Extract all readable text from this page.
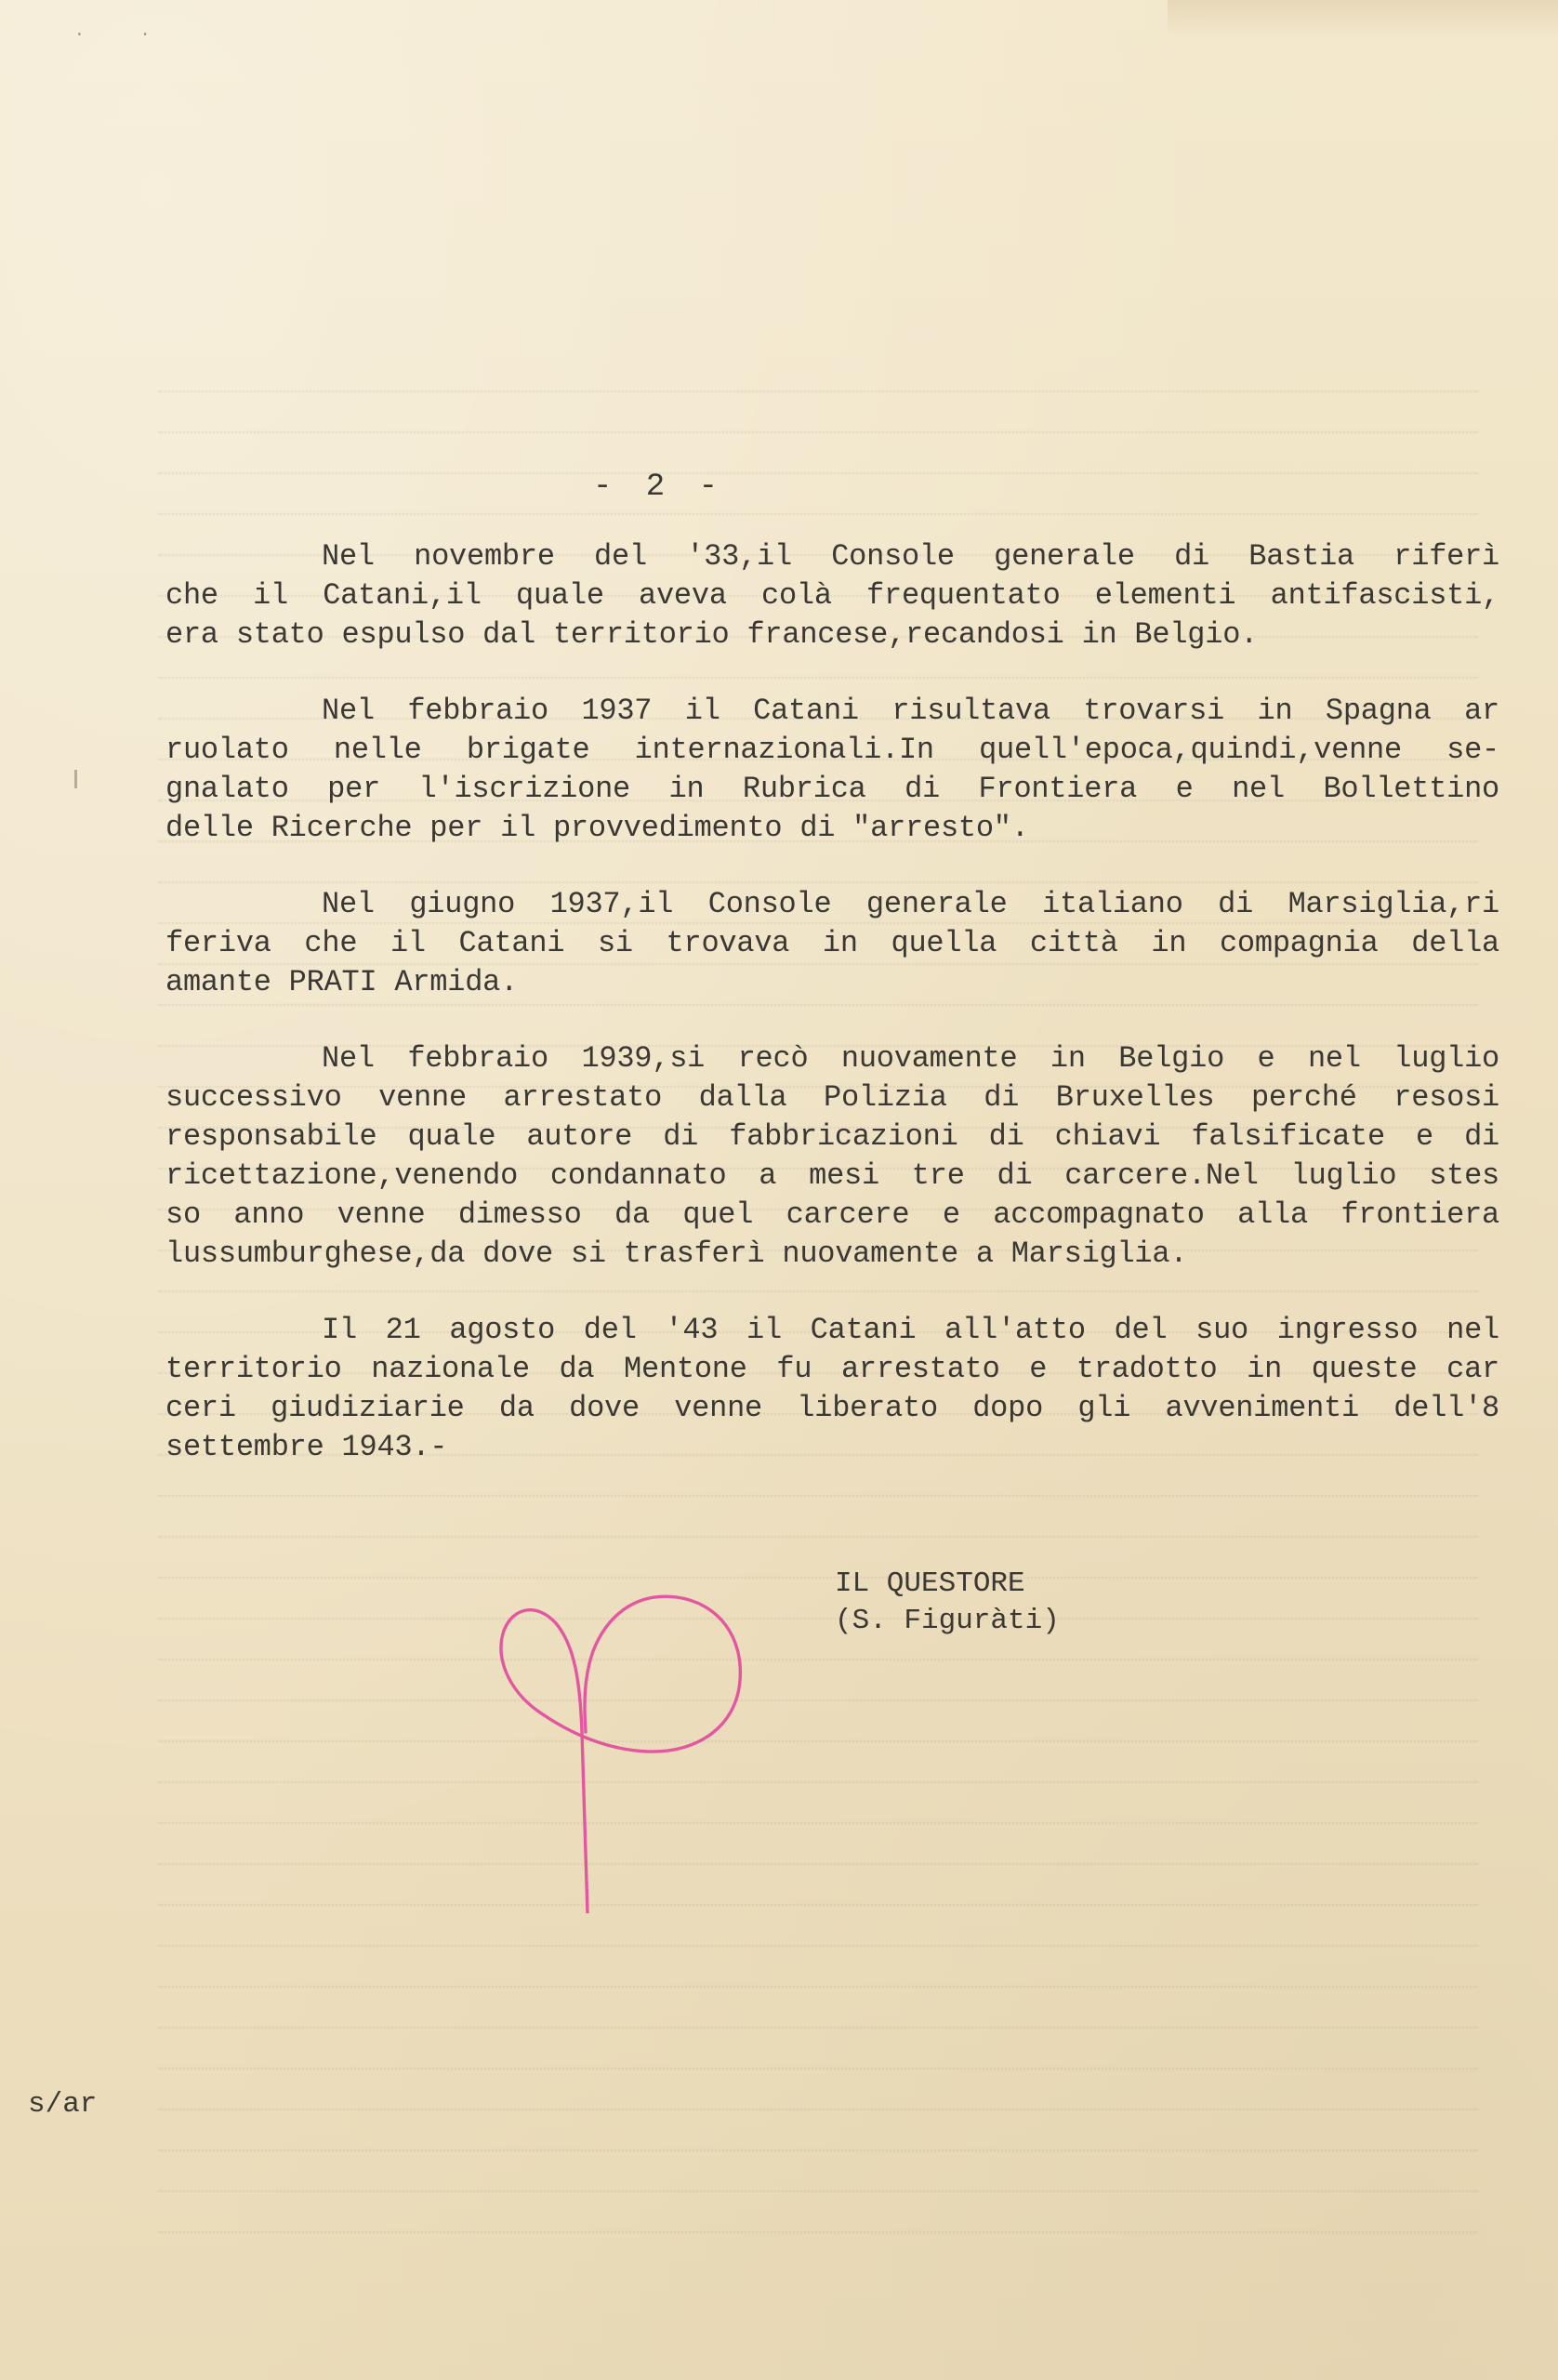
··
- 2 -
Nel novembre del '33,il Console generale di Bastia riferì
che il Catani,il quale aveva colà frequentato elementi antifascisti,
era stato espulso dal territorio francese,recandosi in Belgio.
Nel febbraio 1937 il Catani risultava trovarsi in Spagna ar
ruolato nelle brigate internazionali.In quell'epoca,quindi,venne se-
gnalato per l'iscrizione in Rubrica di Frontiera e nel Bollettino
delle Ricerche per il provvedimento di "arresto".
Nel giugno 1937,il Console generale italiano di Marsiglia,ri
feriva che il Catani si trovava in quella città in compagnia della
amante PRATI Armida.
Nel febbraio 1939,si recò nuovamente in Belgio e nel luglio
successivo venne arrestato dalla Polizia di Bruxelles perché resosi
responsabile quale autore di fabbricazioni di chiavi falsificate e di
ricettazione,venendo condannato a mesi tre di carcere.Nel luglio stes
so anno venne dimesso da quel carcere e accompagnato alla frontiera
lussumburghese,da dove si trasferì nuovamente a Marsiglia.
Il 21 agosto del '43 il Catani all'atto del suo ingresso nel
territorio nazionale da Mentone fu arrestato e tradotto in queste car
ceri giudiziarie da dove venne liberato dopo gli avvenimenti dell'8
settembre 1943.-
IL QUESTORE
(S. Figuràti)
s/ar
